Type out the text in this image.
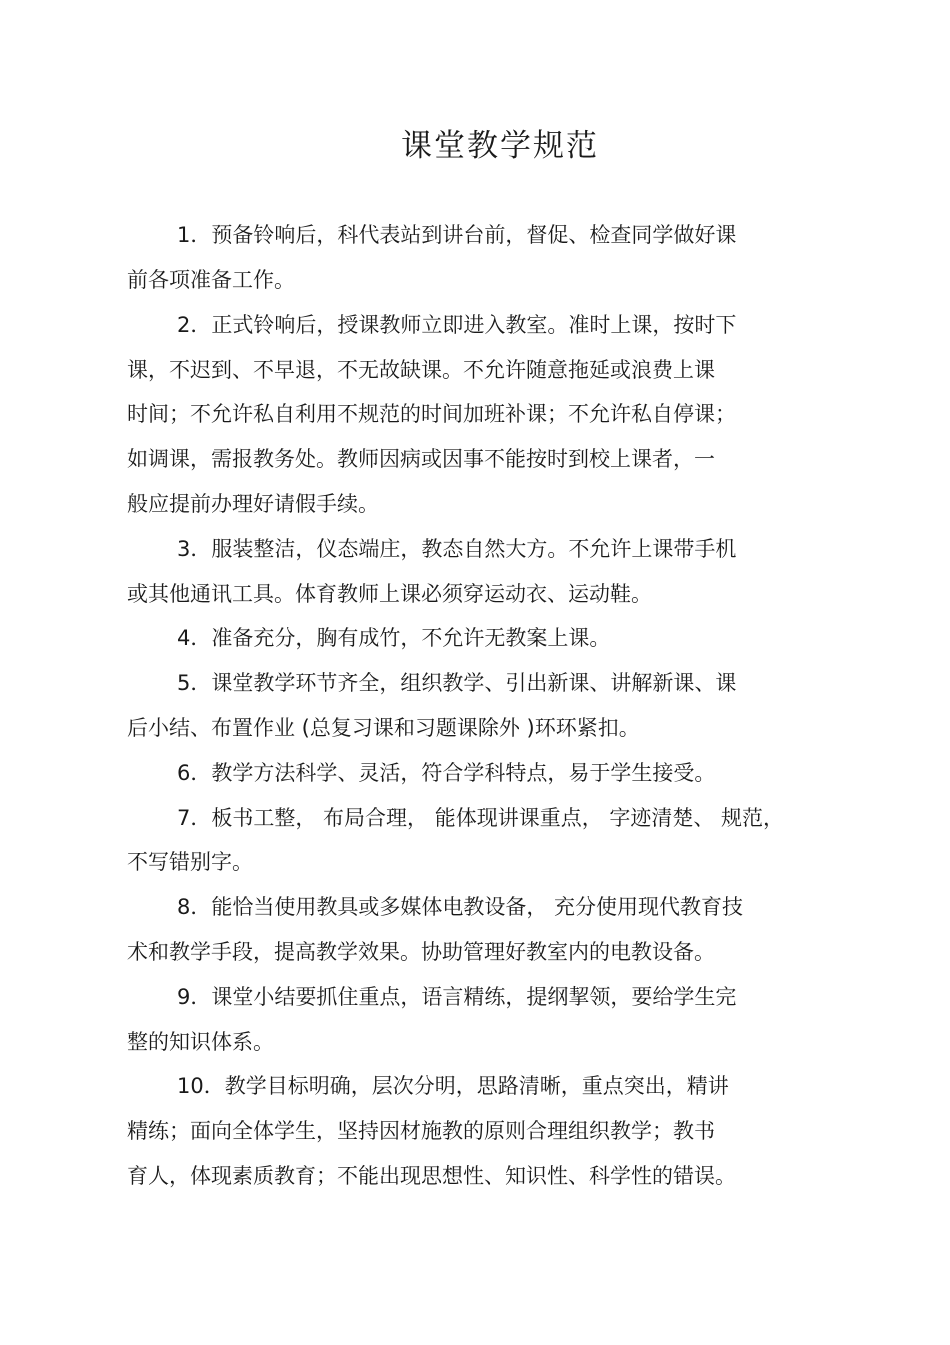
课堂教学规范

1．预备铃响后，科代表站到讲台前，督促、检查同学做好课

前各项准备工作。

2．正式铃响后，授课教师立即进入教室。准时上课，按时下

课，不迟到、不早退，不无故缺课。不允许随意拖延或浪费上课

时间；不允许私自利用不规范的时间加班补课；不允许私自停课；

如调课，需报教务处。教师因病或因事不能按时到校上课者，一

般应提前办理好请假手续。

3．服装整洁，仪态端庄，教态自然大方。不允许上课带手机

或其他通讯工具。体育教师上课必须穿运动衣、运动鞋。

4．准备充分，胸有成竹，不允许无教案上课。

5．课堂教学环节齐全，组织教学、引出新课、讲解新课、课

后小结、布置作业 (总复习课和习题课除外 )环环紧扣。

6．教学方法科学、灵活，符合学科特点，易于学生接受。

7．板书工整， 布局合理， 能体现讲课重点， 字迹清楚、 规范，

不写错别字。

8．能恰当使用教具或多媒体电教设备， 充分使用现代教育技

术和教学手段，提高教学效果。协助管理好教室内的电教设备。

9．课堂小结要抓住重点，语言精练，提纲挈领，要给学生完

整的知识体系。

10．教学目标明确，层次分明，思路清晰，重点突出，精讲

精练；面向全体学生，坚持因材施教的原则合理组织教学；教书

育人，体现素质教育；不能出现思想性、知识性、科学性的错误。
